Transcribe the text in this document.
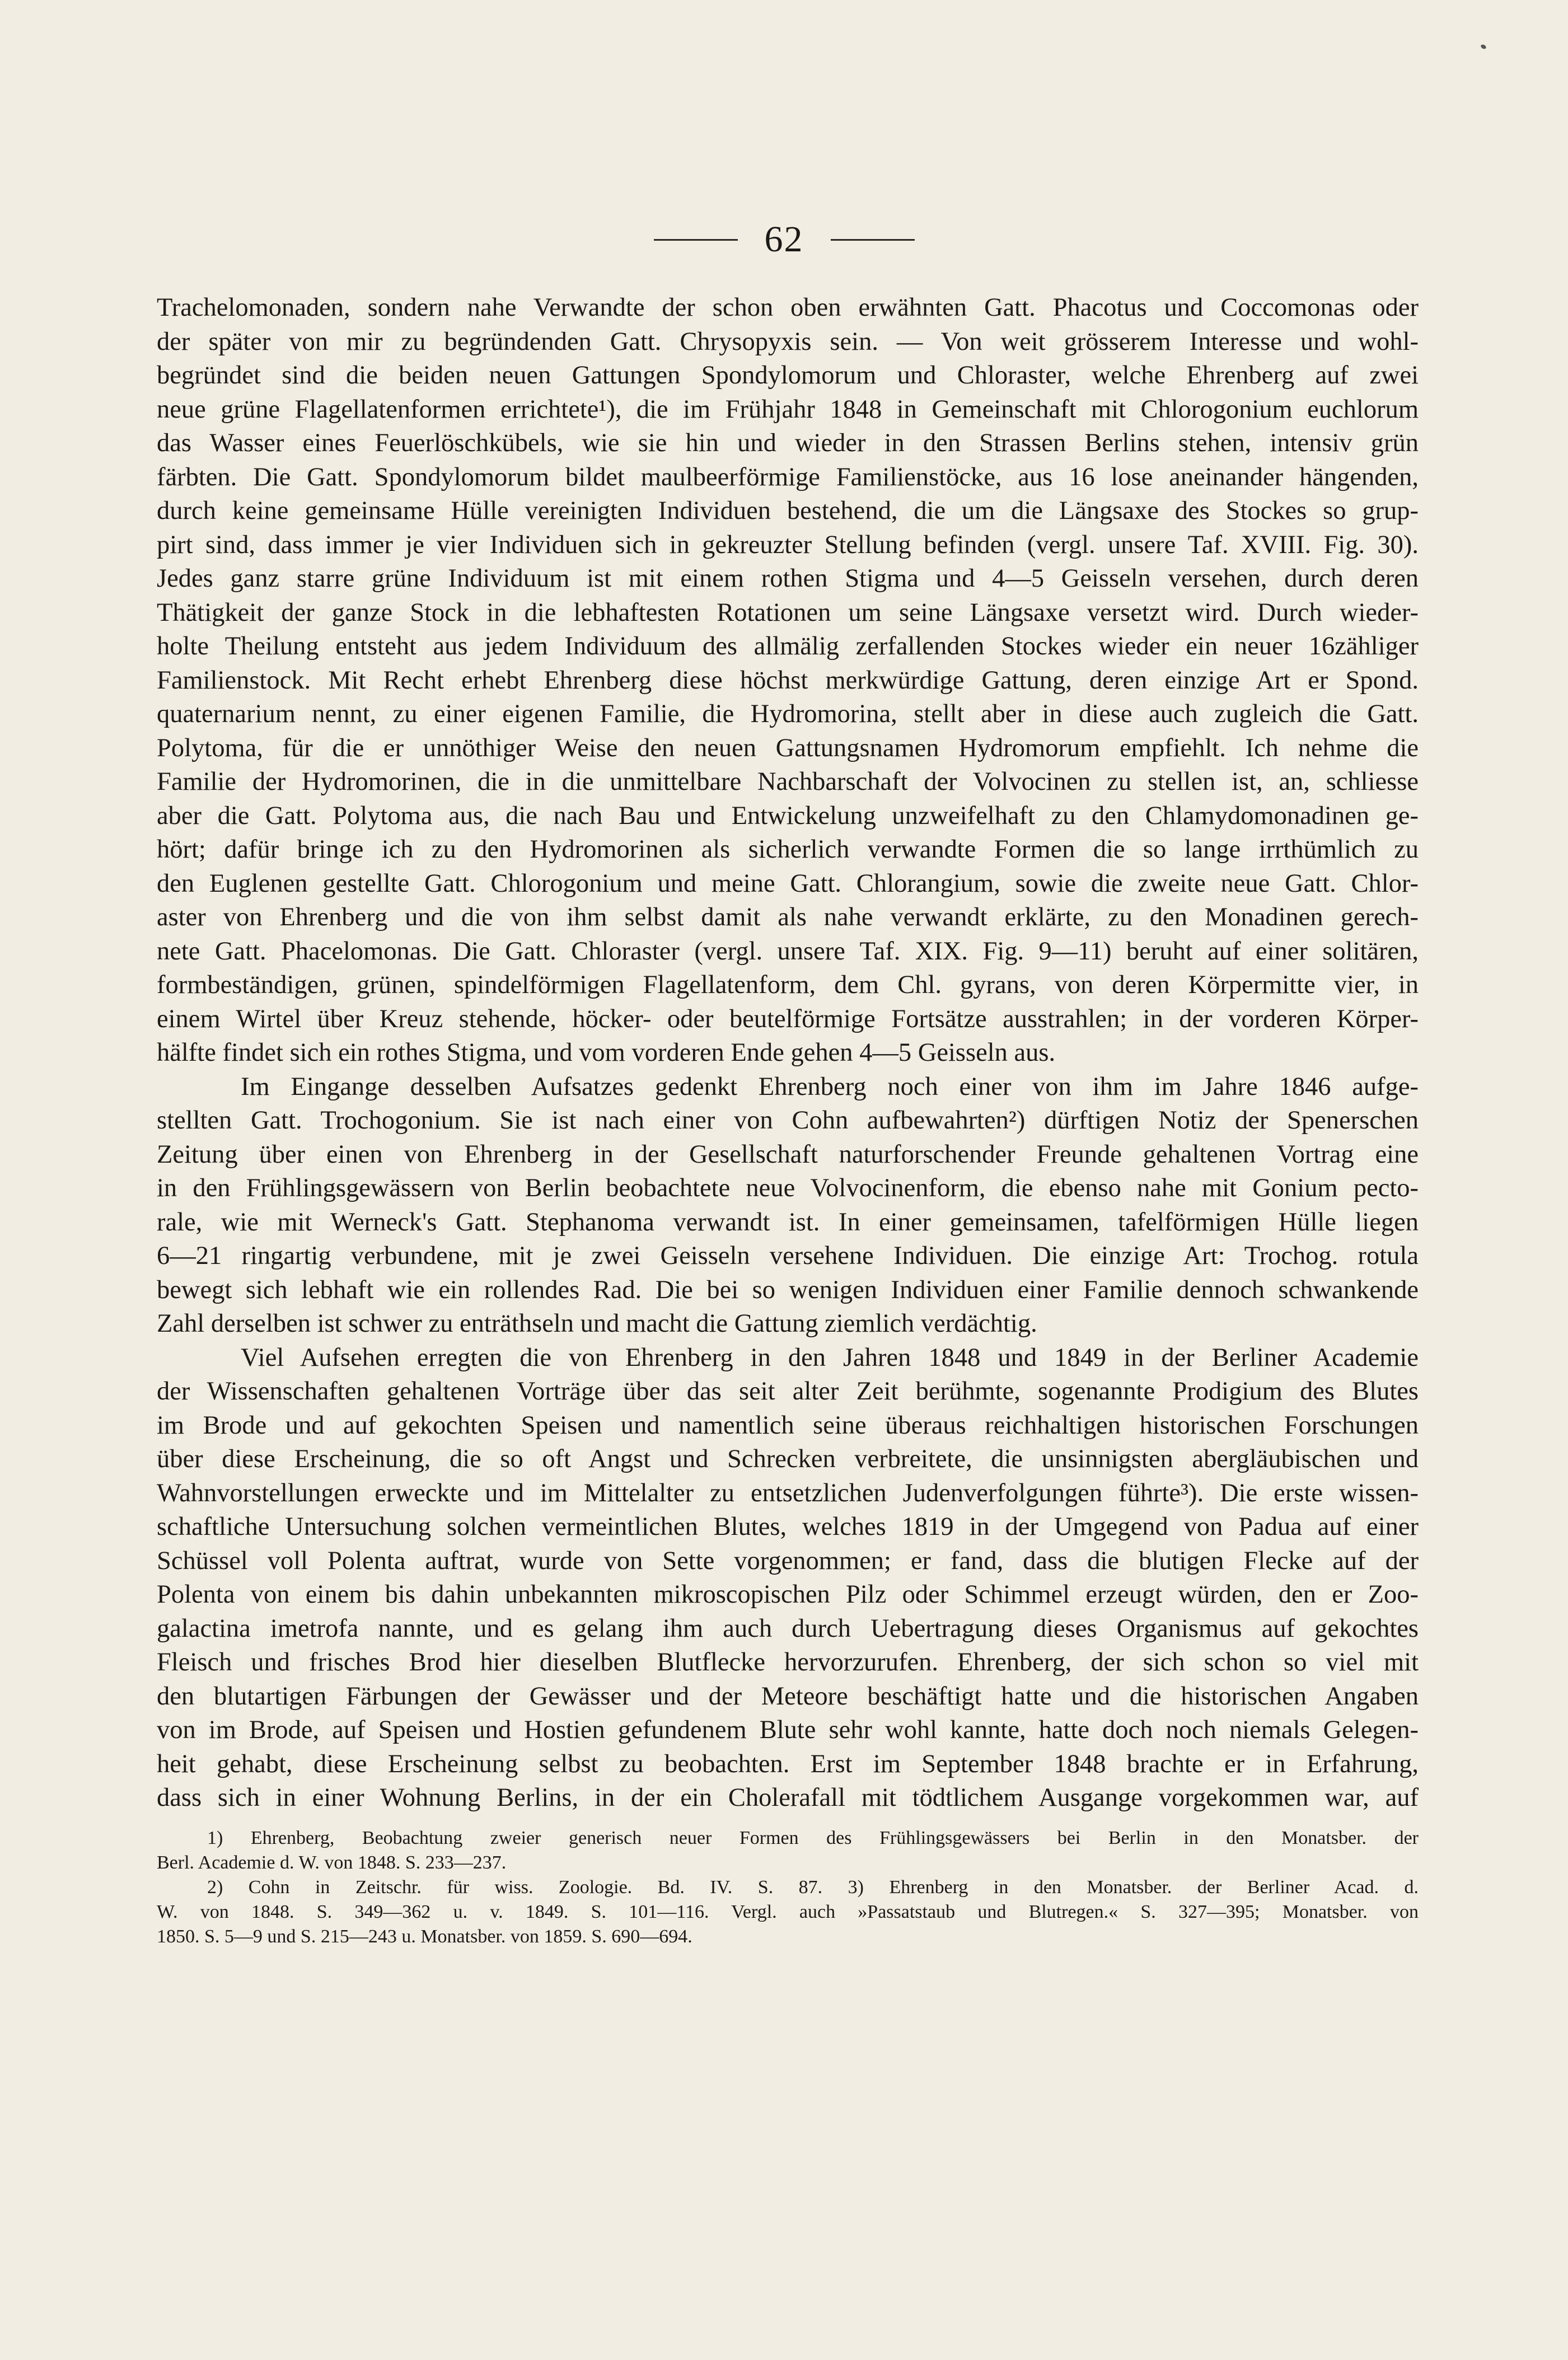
62
Trachelomonaden, sondern nahe Verwandte der schon oben erwähnten Gatt. Phacotus und Coccomonas oder
der später von mir zu begründenden Gatt. Chrysopyxis sein. — Von weit grösserem Interesse und wohl-
begründet sind die beiden neuen Gattungen Spondylomorum und Chloraster, welche Ehrenberg auf zwei
neue grüne Flagellatenformen errichtete¹), die im Frühjahr 1848 in Gemeinschaft mit Chlorogonium euchlorum
das Wasser eines Feuerlöschkübels, wie sie hin und wieder in den Strassen Berlins stehen, intensiv grün
färbten. Die Gatt. Spondylomorum bildet maulbeerförmige Familienstöcke, aus 16 lose aneinander hängenden,
durch keine gemeinsame Hülle vereinigten Individuen bestehend, die um die Längsaxe des Stockes so grup-
pirt sind, dass immer je vier Individuen sich in gekreuzter Stellung befinden (vergl. unsere Taf. XVIII. Fig. 30).
Jedes ganz starre grüne Individuum ist mit einem rothen Stigma und 4—5 Geisseln versehen, durch deren
Thätigkeit der ganze Stock in die lebhaftesten Rotationen um seine Längsaxe versetzt wird. Durch wieder-
holte Theilung entsteht aus jedem Individuum des allmälig zerfallenden Stockes wieder ein neuer 16zähliger
Familienstock. Mit Recht erhebt Ehrenberg diese höchst merkwürdige Gattung, deren einzige Art er Spond.
quaternarium nennt, zu einer eigenen Familie, die Hydromorina, stellt aber in diese auch zugleich die Gatt.
Polytoma, für die er unnöthiger Weise den neuen Gattungsnamen Hydromorum empfiehlt. Ich nehme die
Familie der Hydromorinen, die in die unmittelbare Nachbarschaft der Volvocinen zu stellen ist, an, schliesse
aber die Gatt. Polytoma aus, die nach Bau und Entwickelung unzweifelhaft zu den Chlamydomonadinen ge-
hört; dafür bringe ich zu den Hydromorinen als sicherlich verwandte Formen die so lange irrthümlich zu
den Euglenen gestellte Gatt. Chlorogonium und meine Gatt. Chlorangium, sowie die zweite neue Gatt. Chlor-
aster von Ehrenberg und die von ihm selbst damit als nahe verwandt erklärte, zu den Monadinen gerech-
nete Gatt. Phacelomonas. Die Gatt. Chloraster (vergl. unsere Taf. XIX. Fig. 9—11) beruht auf einer solitären,
formbeständigen, grünen, spindelförmigen Flagellatenform, dem Chl. gyrans, von deren Körpermitte vier, in
einem Wirtel über Kreuz stehende, höcker- oder beutelförmige Fortsätze ausstrahlen; in der vorderen Körper-
hälfte findet sich ein rothes Stigma, und vom vorderen Ende gehen 4—5 Geisseln aus.
Im Eingange desselben Aufsatzes gedenkt Ehrenberg noch einer von ihm im Jahre 1846 aufge-
stellten Gatt. Trochogonium. Sie ist nach einer von Cohn aufbewahrten²) dürftigen Notiz der Spenerschen
Zeitung über einen von Ehrenberg in der Gesellschaft naturforschender Freunde gehaltenen Vortrag eine
in den Frühlingsgewässern von Berlin beobachtete neue Volvocinenform, die ebenso nahe mit Gonium pecto-
rale, wie mit Werneck's Gatt. Stephanoma verwandt ist. In einer gemeinsamen, tafelförmigen Hülle liegen
6—21 ringartig verbundene, mit je zwei Geisseln versehene Individuen. Die einzige Art: Trochog. rotula
bewegt sich lebhaft wie ein rollendes Rad. Die bei so wenigen Individuen einer Familie dennoch schwankende
Zahl derselben ist schwer zu enträthseln und macht die Gattung ziemlich verdächtig.
Viel Aufsehen erregten die von Ehrenberg in den Jahren 1848 und 1849 in der Berliner Academie
der Wissenschaften gehaltenen Vorträge über das seit alter Zeit berühmte, sogenannte Prodigium des Blutes
im Brode und auf gekochten Speisen und namentlich seine überaus reichhaltigen historischen Forschungen
über diese Erscheinung, die so oft Angst und Schrecken verbreitete, die unsinnigsten abergläubischen und
Wahnvorstellungen erweckte und im Mittelalter zu entsetzlichen Judenverfolgungen führte³). Die erste wissen-
schaftliche Untersuchung solchen vermeintlichen Blutes, welches 1819 in der Umgegend von Padua auf einer
Schüssel voll Polenta auftrat, wurde von Sette vorgenommen; er fand, dass die blutigen Flecke auf der
Polenta von einem bis dahin unbekannten mikroscopischen Pilz oder Schimmel erzeugt würden, den er Zoo-
galactina imetrofa nannte, und es gelang ihm auch durch Uebertragung dieses Organismus auf gekochtes
Fleisch und frisches Brod hier dieselben Blutflecke hervorzurufen. Ehrenberg, der sich schon so viel mit
den blutartigen Färbungen der Gewässer und der Meteore beschäftigt hatte und die historischen Angaben
von im Brode, auf Speisen und Hostien gefundenem Blute sehr wohl kannte, hatte doch noch niemals Gelegen-
heit gehabt, diese Erscheinung selbst zu beobachten. Erst im September 1848 brachte er in Erfahrung,
dass sich in einer Wohnung Berlins, in der ein Cholerafall mit tödtlichem Ausgange vorgekommen war, auf
1) Ehrenberg, Beobachtung zweier generisch neuer Formen des Frühlingsgewässers bei Berlin in den Monatsber. der
Berl. Academie d. W. von 1848. S. 233—237.
2) Cohn in Zeitschr. für wiss. Zoologie. Bd. IV. S. 87. 3) Ehrenberg in den Monatsber. der Berliner Acad. d.
W. von 1848. S. 349—362 u. v. 1849. S. 101—116. Vergl. auch »Passatstaub und Blutregen.« S. 327—395; Monatsber. von
1850. S. 5—9 und S. 215—243 u. Monatsber. von 1859. S. 690—694.
